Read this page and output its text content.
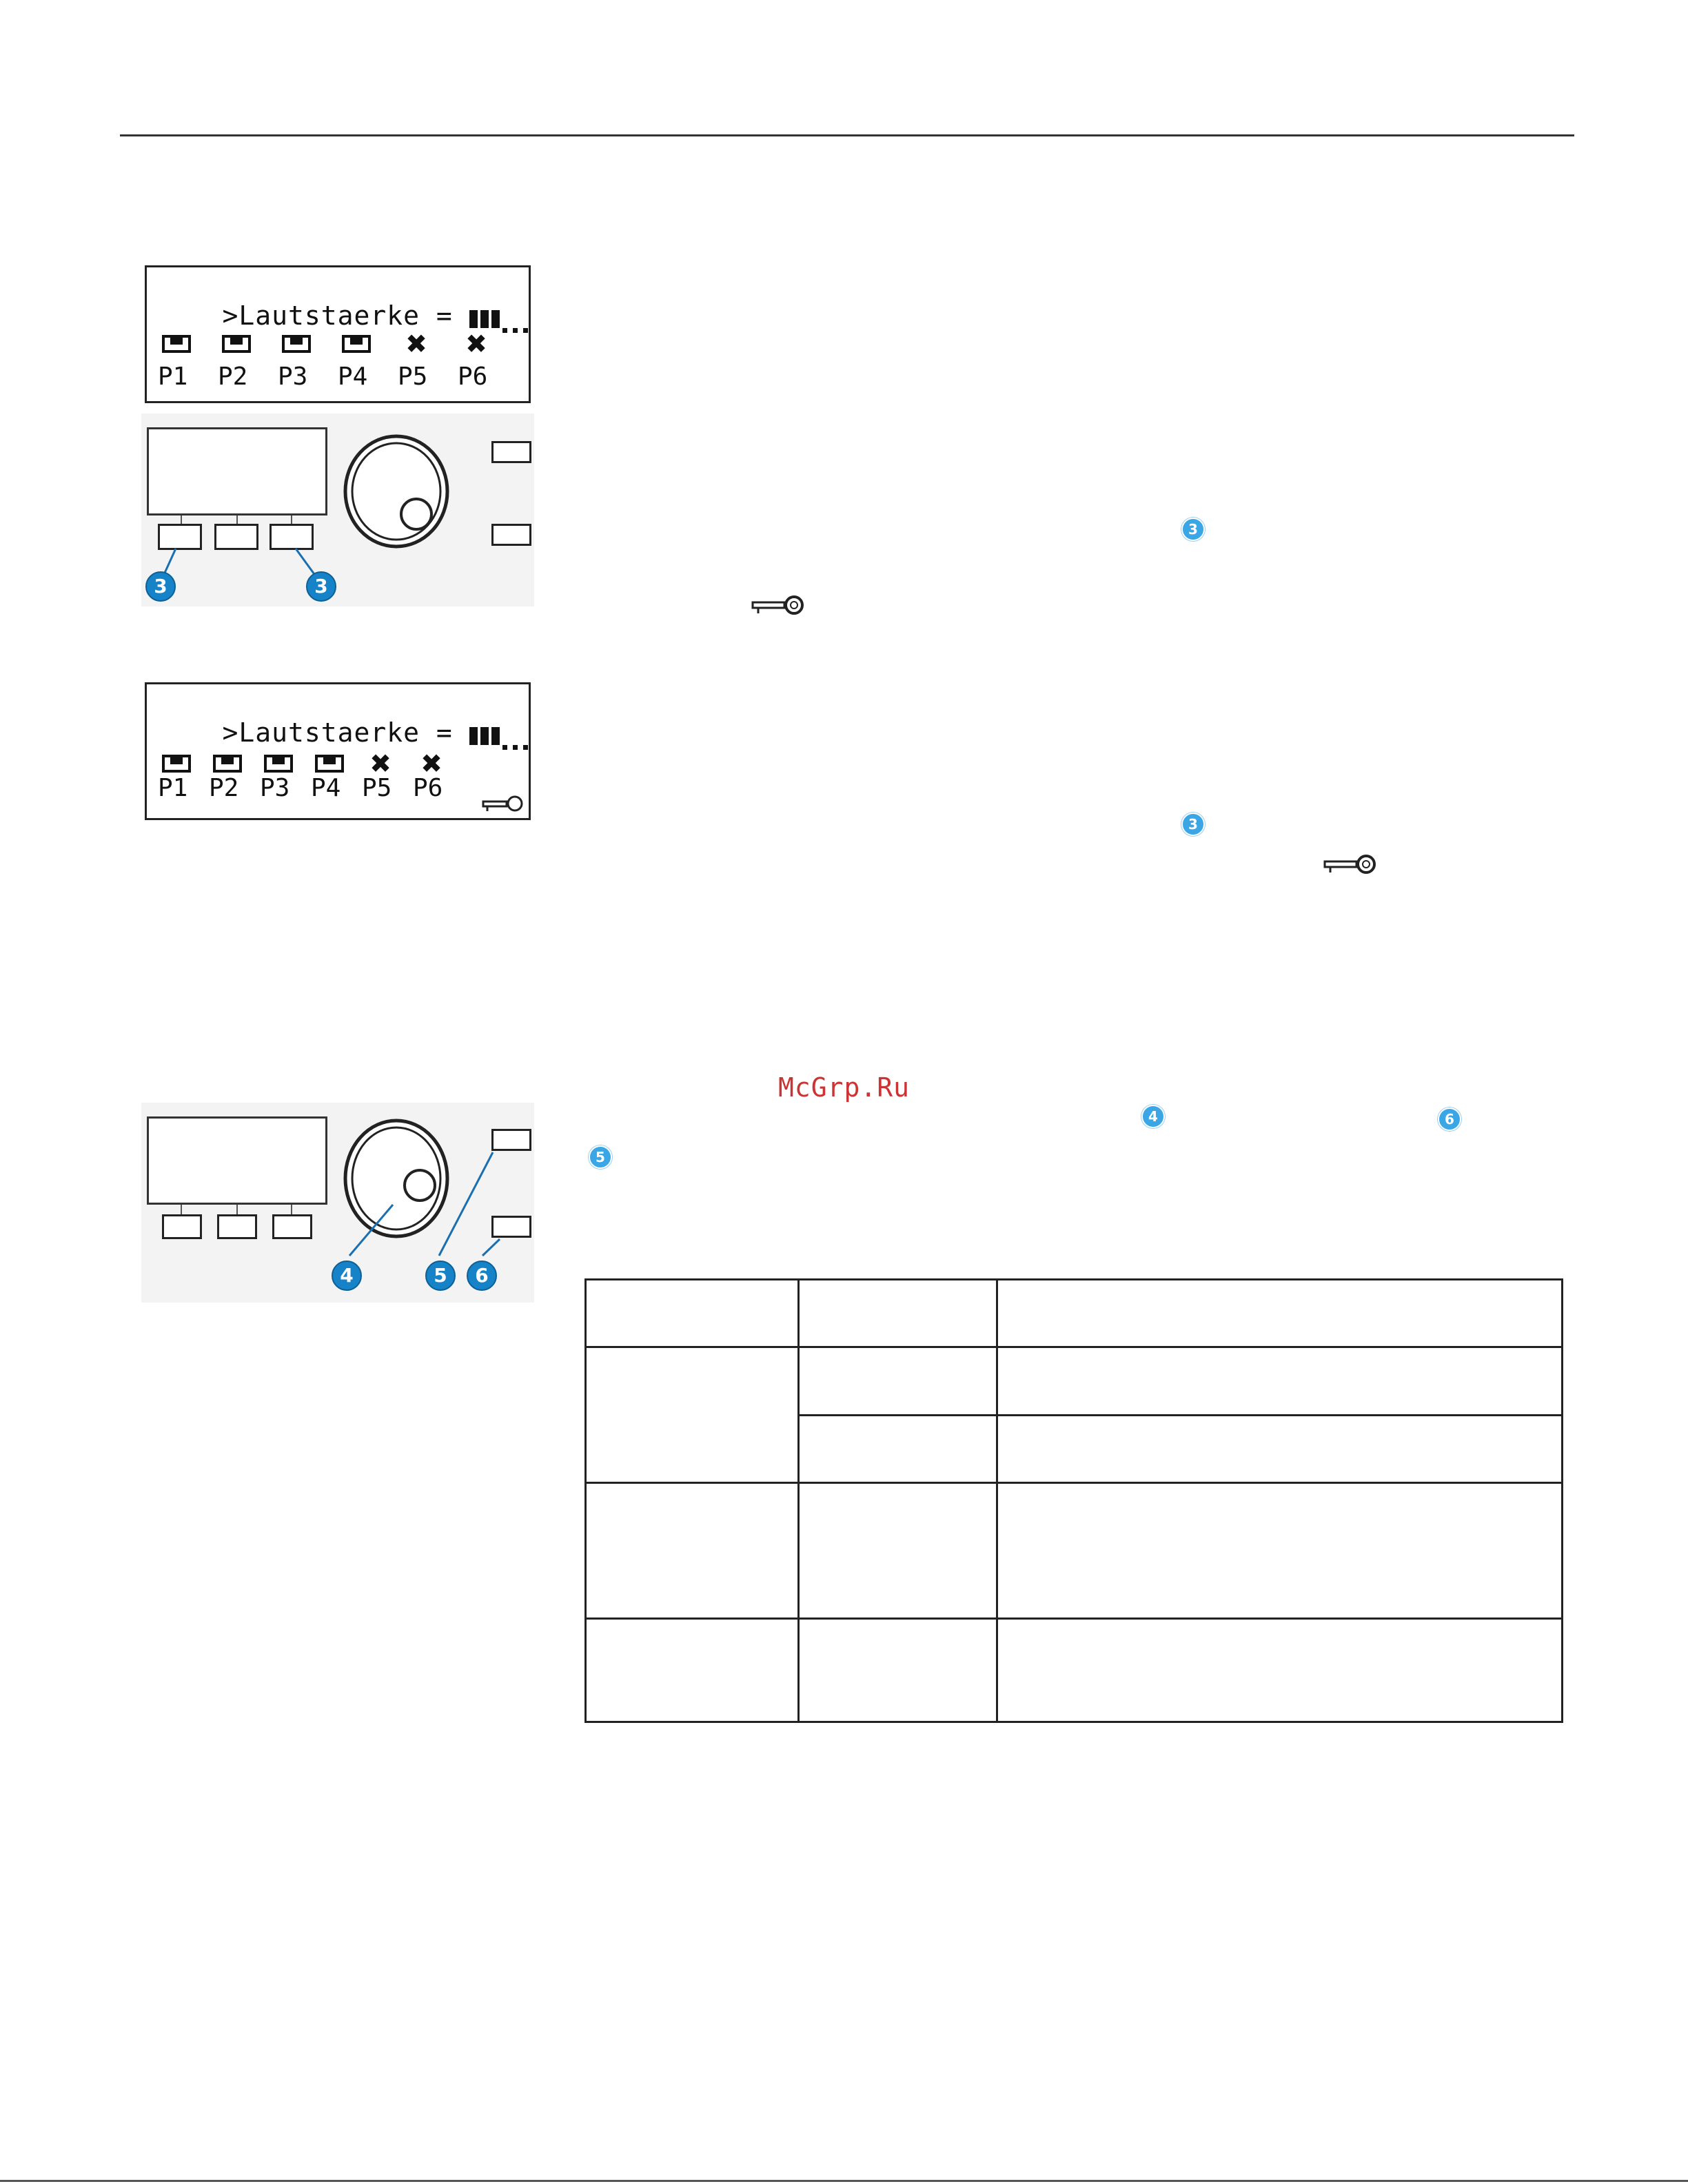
>Lautstaerke =

P1 P2 P3 P4
✖
P5
✖
P6
3	3
3

>Lautstaerke =

P1 P2 P3 P4
✖
P5
✖
P6
3
McGrp.Ru
4	6
5
4	5	6
